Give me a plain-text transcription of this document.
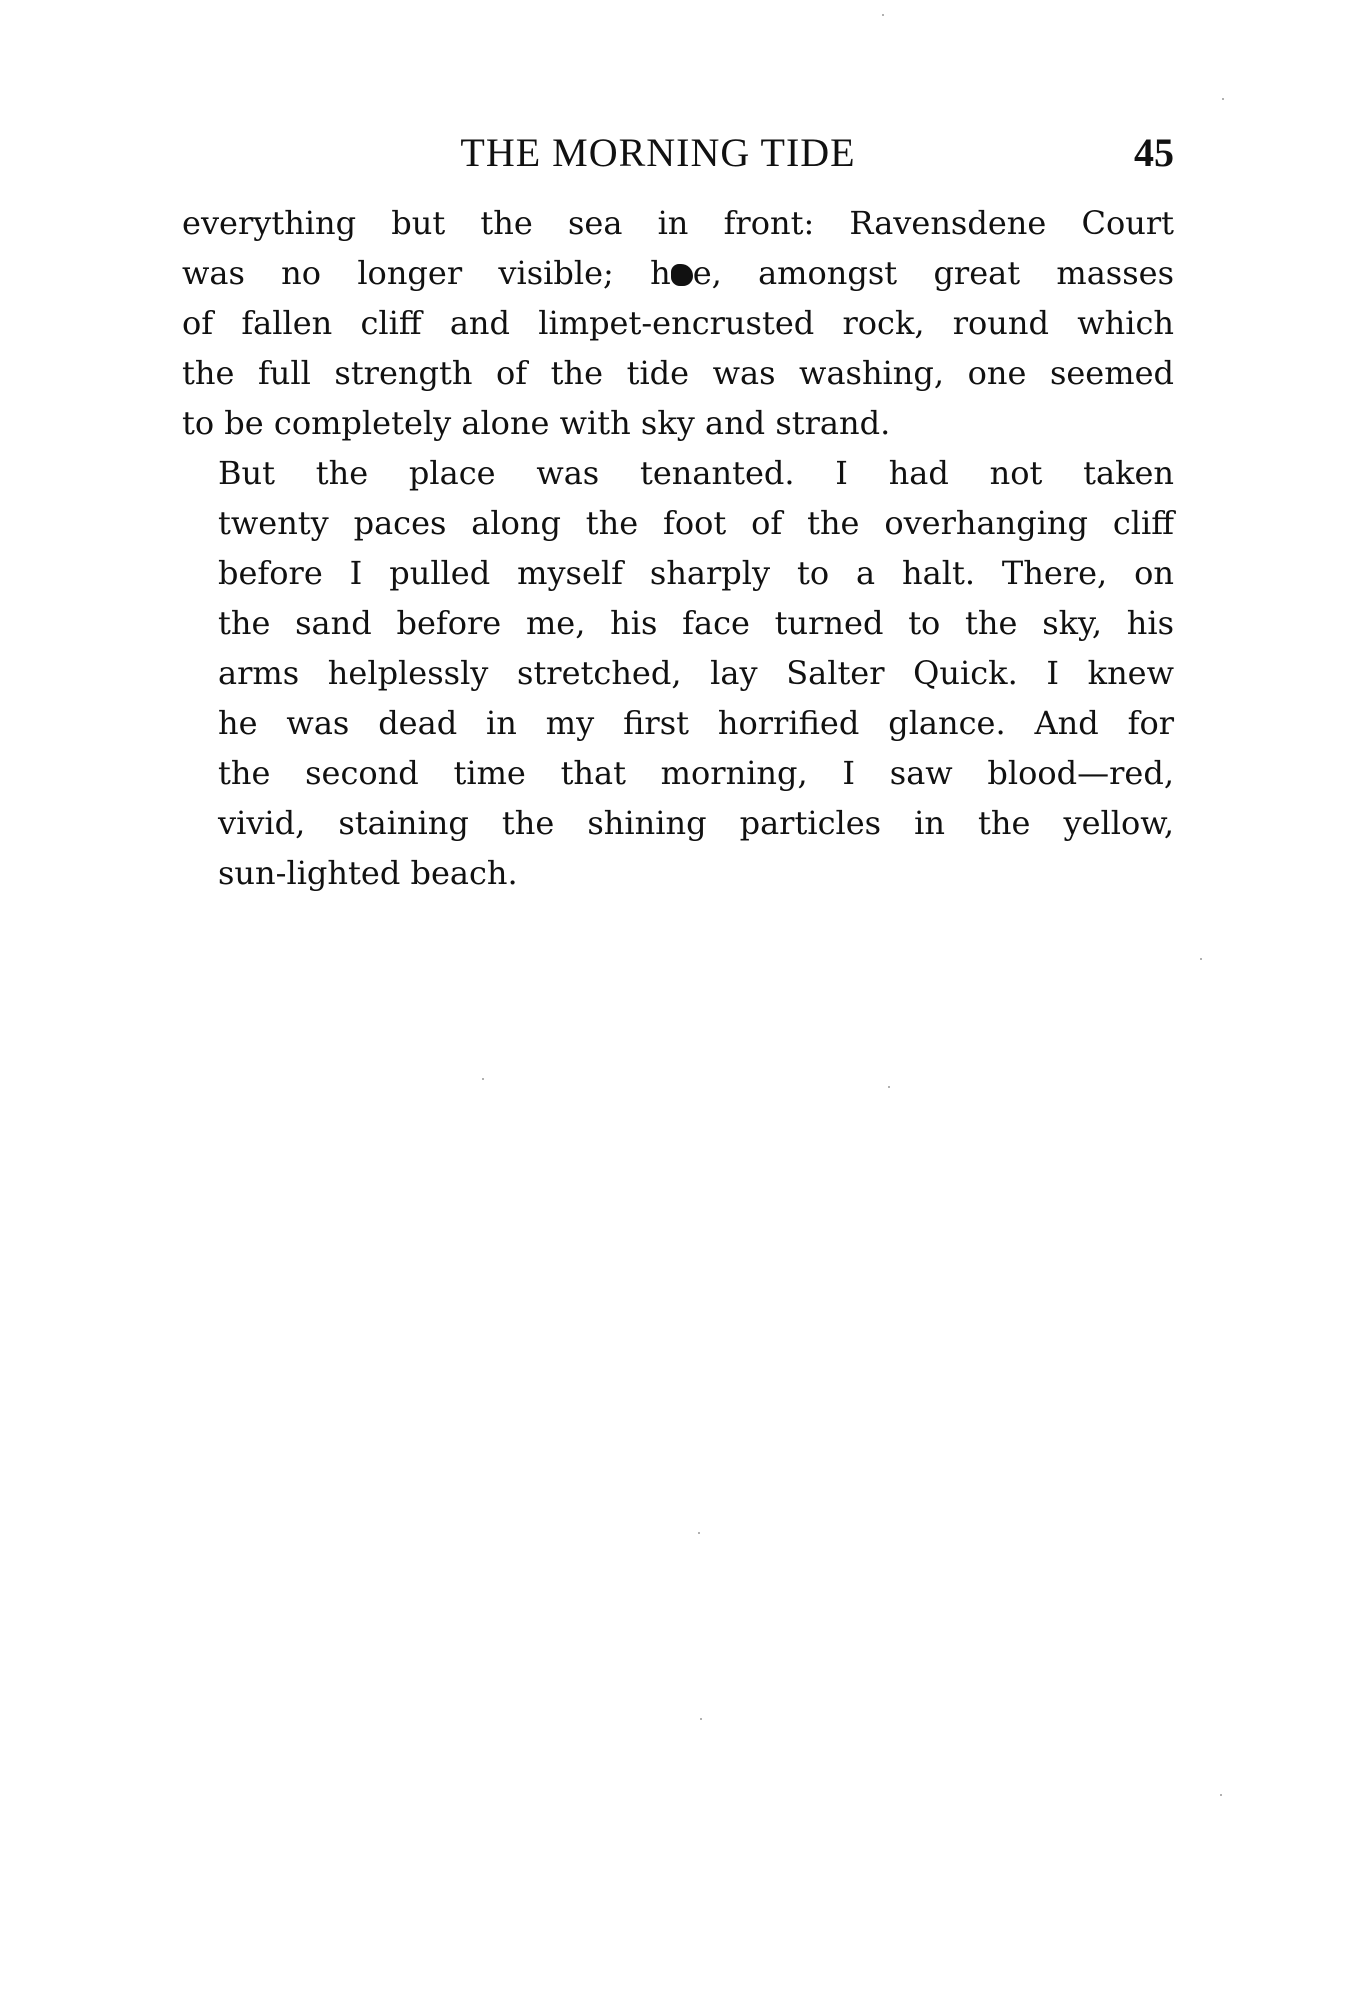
THE MORNING TIDE	45

everything but the sea in front: Ravensdene Court
was no longer visible; h e, amongst great masses
of fallen cliff and limpet-encrusted rock, round which
the full strength of the tide was washing, one seemed
to be completely alone with sky and strand.

But the place was tenanted. I had not taken
twenty paces along the foot of the overhanging cliff
before I pulled myself sharply to a halt. There, on
the sand before me, his face turned to the sky, his
arms helplessly stretched, lay Salter Quick. I knew
he was dead in my first horrified glance. And for
the second time that morning, I saw blood—red,
vivid, staining the shining particles in the yellow,
sun-lighted beach.
